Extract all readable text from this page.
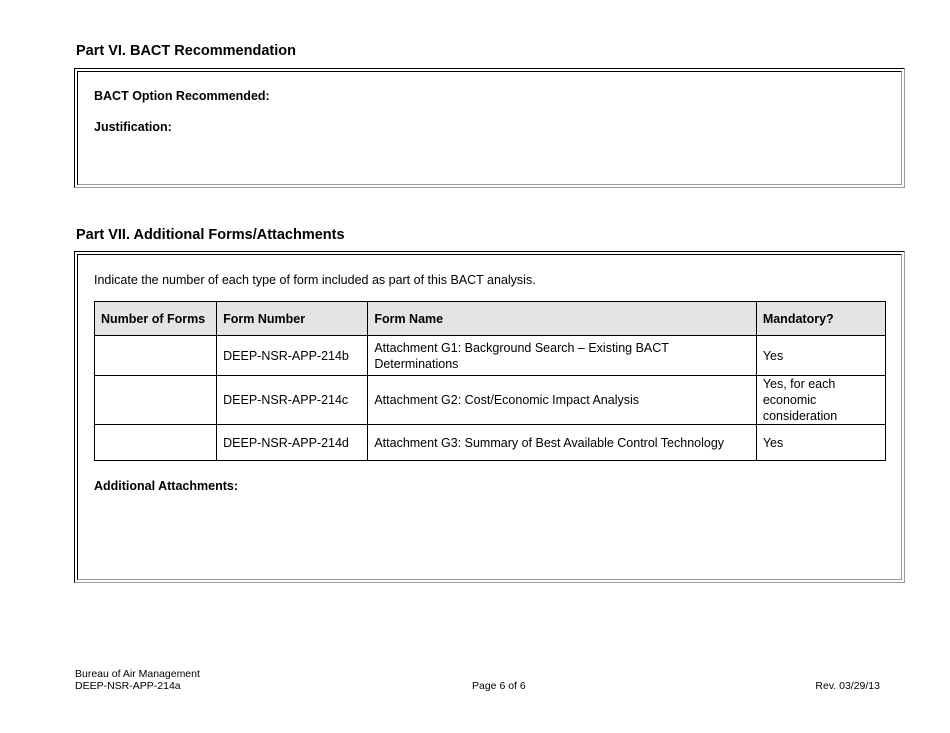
Part VI. BACT Recommendation
BACT Option Recommended:
Justification:
Part VII. Additional Forms/Attachments
Indicate the number of each type of form included as part of this BACT analysis.
Number of Forms	Form Number	Form Name	Mandatory?
	DEEP-NSR-APP-214b	Attachment G1: Background Search – Existing BACT Determinations	Yes
	DEEP-NSR-APP-214c	Attachment G2: Cost/Economic Impact Analysis	Yes, for each economic consideration
	DEEP-NSR-APP-214d	Attachment G3: Summary of Best Available Control Technology	Yes
Additional Attachments:
Bureau of Air Management
DEEP-NSR-APP-214a	Page 6 of 6	Rev. 03/29/13
